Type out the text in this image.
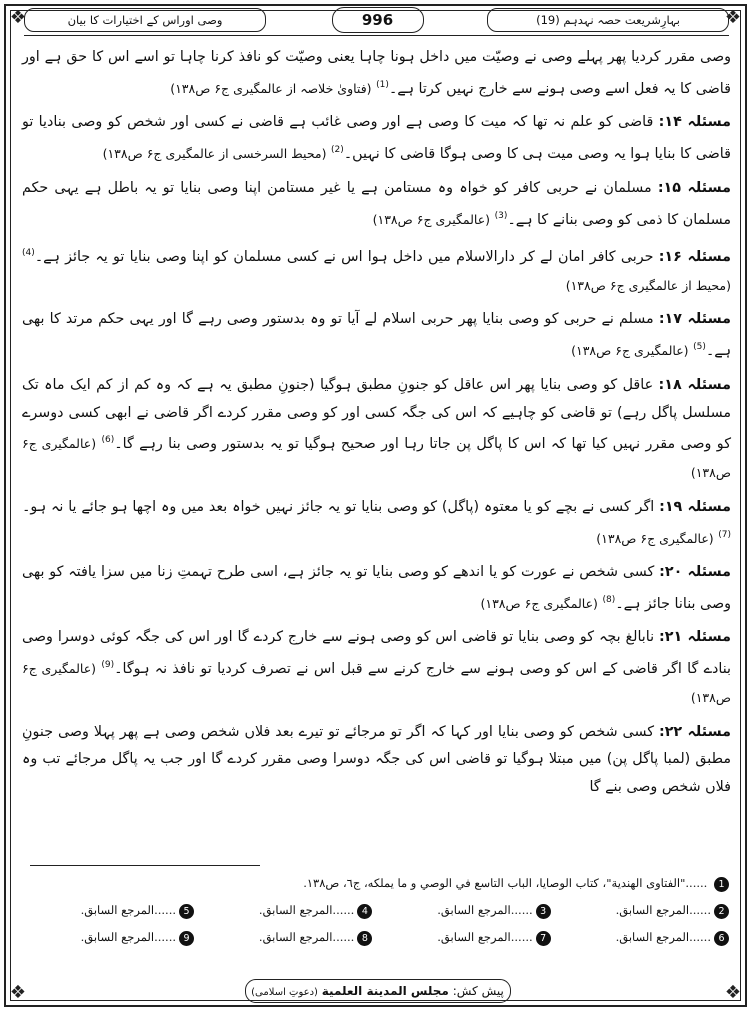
❖	❖
❖	❖
بہارِشریعت حصہ نہدہم (19)
996
وصی اوراس کے اختیارات کا بیان

وصی مقرر کردیا پھر پہلے وصی نے وصیّت میں داخل ہونا چاہا یعنی وصیّت کو نافذ کرنا چاہا تو اسے اس کا حق ہے اور قاضی کا یہ فعل اسے وصی ہونے سے خارج نہیں کرتا ہے۔$^{(1)}$ (فتاویٰ خلاصہ از عالمگیری ج۶ ص۱۳۸)

مسئلہ ۱۴: قاضی کو علم نہ تھا کہ میت کا وصی ہے اور وصی غائب ہے قاضی نے کسی اور شخص کو وصی بنادیا تو قاضی کا بنایا ہوا یہ وصی میت ہی کا وصی ہوگا قاضی کا نہیں۔$^{(2)}$ (محیط السرخسی از عالمگیری ج۶ ص۱۳۸)

مسئلہ ۱۵: مسلمان نے حربی کافر کو خواہ وہ مستامن ہے یا غیر مستامن اپنا وصی بنایا تو یہ باطل ہے یہی حکم مسلمان کا ذمی کو وصی بنانے کا ہے۔$^{(3)}$ (عالمگیری ج۶ ص۱۳۸)

مسئلہ ۱۶: حربی کافر امان لے کر دارالاسلام میں داخل ہوا اس نے کسی مسلمان کو اپنا وصی بنایا تو یہ جائز ہے۔$^{(4)}$ (محیط از عالمگیری ج۶ ص۱۳۸)

مسئلہ ۱۷: مسلم نے حربی کو وصی بنایا پھر حربی اسلام لے آیا تو وہ بدستور وصی رہے گا اور یہی حکم مرتد کا بھی ہے۔$^{(5)}$ (عالمگیری ج۶ ص۱۳۸)

مسئلہ ۱۸: عاقل کو وصی بنایا پھر اس عاقل کو جنونِ مطبق ہوگیا (جنونِ مطبق یہ ہے کہ وہ کم از کم ایک ماہ تک مسلسل پاگل رہے) تو قاضی کو چاہیے کہ اس کی جگہ کسی اور کو وصی مقرر کردے اگر قاضی نے ابھی کسی دوسرے کو وصی مقرر نہیں کیا تھا کہ اس کا پاگل پن جاتا رہا اور صحیح ہوگیا تو یہ بدستور وصی بنا رہے گا۔$^{(6)}$ (عالمگیری ج۶ ص۱۳۸)

مسئلہ ۱۹: اگر کسی نے بچے کو یا معتوہ (پاگل) کو وصی بنایا تو یہ جائز نہیں خواہ بعد میں وہ اچھا ہو جائے یا نہ ہو۔$^{(7)}$ (عالمگیری ج۶ ص۱۳۸)

مسئلہ ۲۰: کسی شخص نے عورت کو یا اندھے کو وصی بنایا تو یہ جائز ہے، اسی طرح تہمتِ زنا میں سزا یافتہ کو بھی وصی بنانا جائز ہے۔$^{(8)}$ (عالمگیری ج۶ ص۱۳۸)

مسئلہ ۲۱: نابالغ بچہ کو وصی بنایا تو قاضی اس کو وصی ہونے سے خارج کردے گا اور اس کی جگہ کوئی دوسرا وصی بنادے گا اگر قاضی کے اس کو وصی ہونے سے خارج کرنے سے قبل اس نے تصرف کردیا تو نافذ نہ ہوگا۔$^{(9)}$ (عالمگیری ج۶ ص۱۳۸)

مسئلہ ۲۲: کسی شخص کو وصی بنایا اور کہا کہ اگر تو مرجائے تو تیرے بعد فلاں شخص وصی ہے پھر پہلا وصی جنونِ مطبق (لمبا پاگل پن) میں مبتلا ہوگیا تو قاضی اس کی جگہ دوسرا وصی مقرر کردے گا اور جب یہ پاگل مرجائے تب وہ فلاں شخص وصی بنے گا

1 ......"الفتاوى الهندية"، كتاب الوصايا، الباب التاسع في الوصي و ما يملكه، ج٦، ص١٣٨.
2......المرجع السابق.
3......المرجع السابق.
4......المرجع السابق.
5......المرجع السابق.
6......المرجع السابق.
7......المرجع السابق.
8......المرجع السابق.
9......المرجع السابق.
پیش کش: مجلس المدينة العلمية (دعوتِ اسلامی)
